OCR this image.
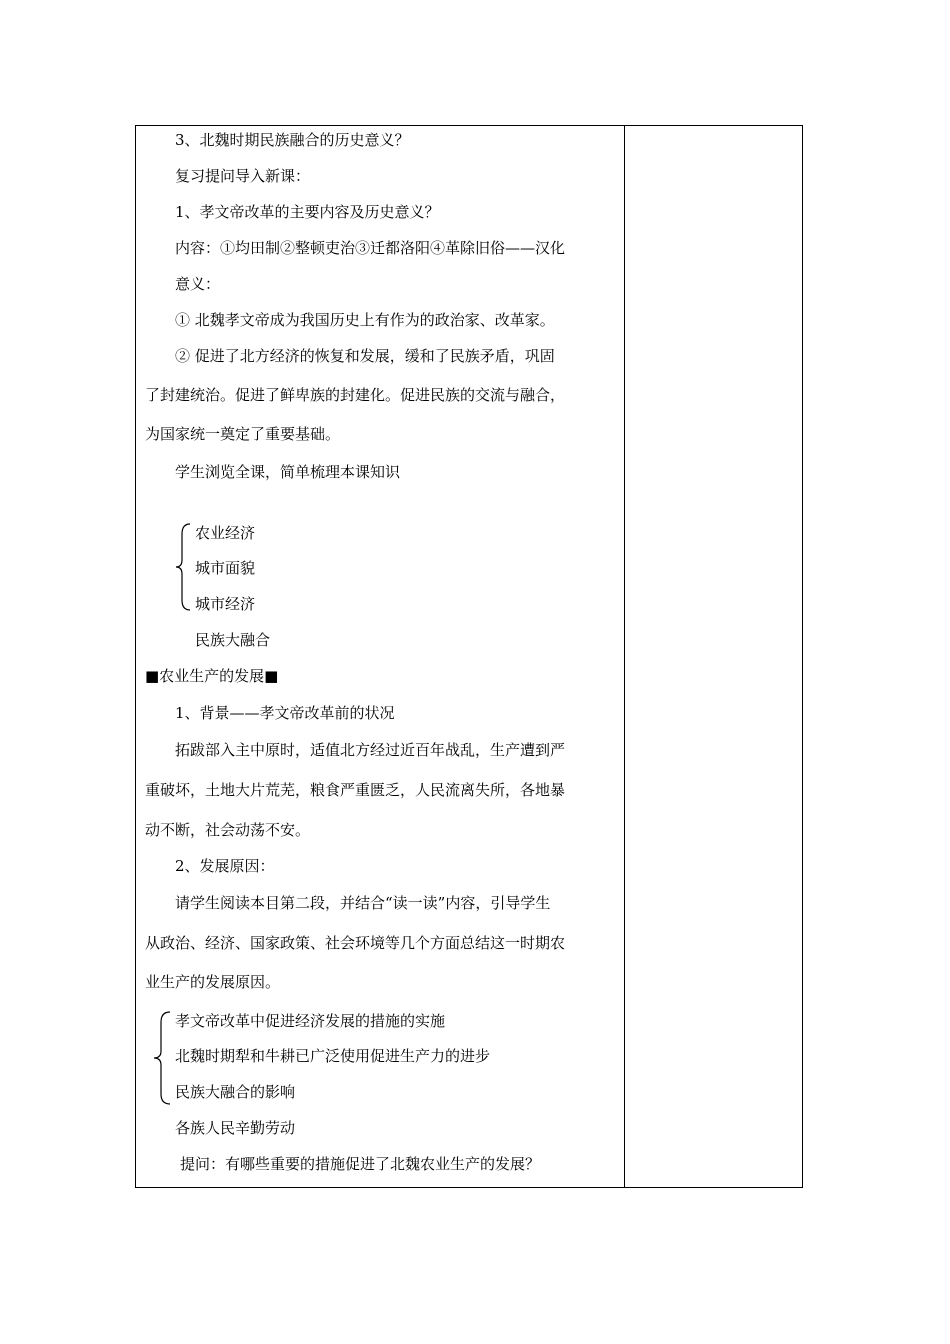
3、北魏时期民族融合的历史意义？
复习提问导入新课：
1、孝文帝改革的主要内容及历史意义？
内容：①均田制②整顿吏治③迁都洛阳④革除旧俗——汉化
意义：
① 北魏孝文帝成为我国历史上有作为的政治家、改革家。
② 促进了北方经济的恢复和发展，缓和了民族矛盾，巩固
了封建统治。促进了鲜卑族的封建化。促进民族的交流与融合，
为国家统一奠定了重要基础。
学生浏览全课，简单梳理本课知识
农业经济
城市面貌
城市经济
民族大融合
■农业生产的发展■
1、背景——孝文帝改革前的状况
拓跋部入主中原时，适值北方经过近百年战乱，生产遭到严
重破坏，土地大片荒芜，粮食严重匮乏，人民流离失所，各地暴
动不断，社会动荡不安。
2、发展原因：
请学生阅读本目第二段，并结合“读一读”内容，引导学生
从政治、经济、国家政策、社会环境等几个方面总结这一时期农
业生产的发展原因。
孝文帝改革中促进经济发展的措施的实施
北魏时期犁和牛耕已广泛使用促进生产力的进步
民族大融合的影响
各族人民辛勤劳动
提问：有哪些重要的措施促进了北魏农业生产的发展？
